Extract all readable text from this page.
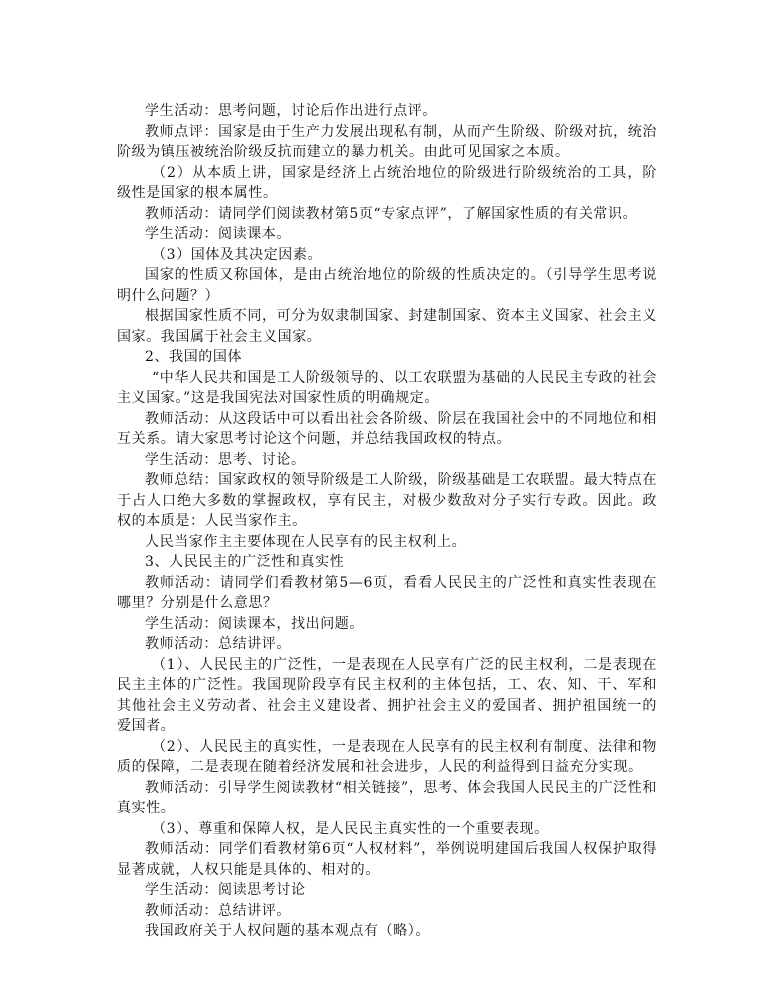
学生活动：思考问题，讨论后作出进行点评。

教师点评：国家是由于生产力发展出现私有制，从而产生阶级、阶级对抗，统治阶级为镇压被统治阶级反抗而建立的暴力机关。由此可见国家之本质。

（2）从本质上讲，国家是经济上占统治地位的阶级进行阶级统治的工具，阶级性是国家的根本属性。

教师活动：请同学们阅读教材第5页“专家点评”，了解国家性质的有关常识。

学生活动：阅读课本。

（3）国体及其决定因素。

国家的性质又称国体，是由占统治地位的阶级的性质决定的。（引导学生思考说明什么问题？）

根据国家性质不同，可分为奴隶制国家、封建制国家、资本主义国家、社会主义国家。我国属于社会主义国家。

2、我国的国体

“中华人民共和国是工人阶级领导的、以工农联盟为基础的人民民主专政的社会主义国家。”这是我国宪法对国家性质的明确规定。

教师活动：从这段话中可以看出社会各阶级、阶层在我国社会中的不同地位和相互关系。请大家思考讨论这个问题，并总结我国政权的特点。

学生活动：思考、讨论。

教师总结：国家政权的领导阶级是工人阶级，阶级基础是工农联盟。最大特点在于占人口绝大多数的掌握政权，享有民主，对极少数敌对分子实行专政。因此。政权的本质是：人民当家作主。

人民当家作主主要体现在人民享有的民主权利上。

3、人民民主的广泛性和真实性

教师活动：请同学们看教材第5—6页，看看人民民主的广泛性和真实性表现在哪里？分别是什么意思？

学生活动：阅读课本，找出问题。

教师活动：总结讲评。

（1）、人民民主的广泛性，一是表现在人民享有广泛的民主权利，二是表现在民主主体的广泛性。我国现阶段享有民主权利的主体包括，工、农、知、干、军和其他社会主义劳动者、社会主义建设者、拥护社会主义的爱国者、拥护祖国统一的爱国者。

（2）、人民民主的真实性，一是表现在人民享有的民主权利有制度、法律和物质的保障，二是表现在随着经济发展和社会进步，人民的利益得到日益充分实现。

教师活动：引导学生阅读教材“相关链接”，思考、体会我国人民民主的广泛性和真实性。

（3）、尊重和保障人权，是人民民主真实性的一个重要表现。

教师活动：同学们看教材第6页“人权材料”，举例说明建国后我国人权保护取得显著成就，人权只能是具体的、相对的。

学生活动：阅读思考讨论

教师活动：总结讲评。

我国政府关于人权问题的基本观点有（略）。
